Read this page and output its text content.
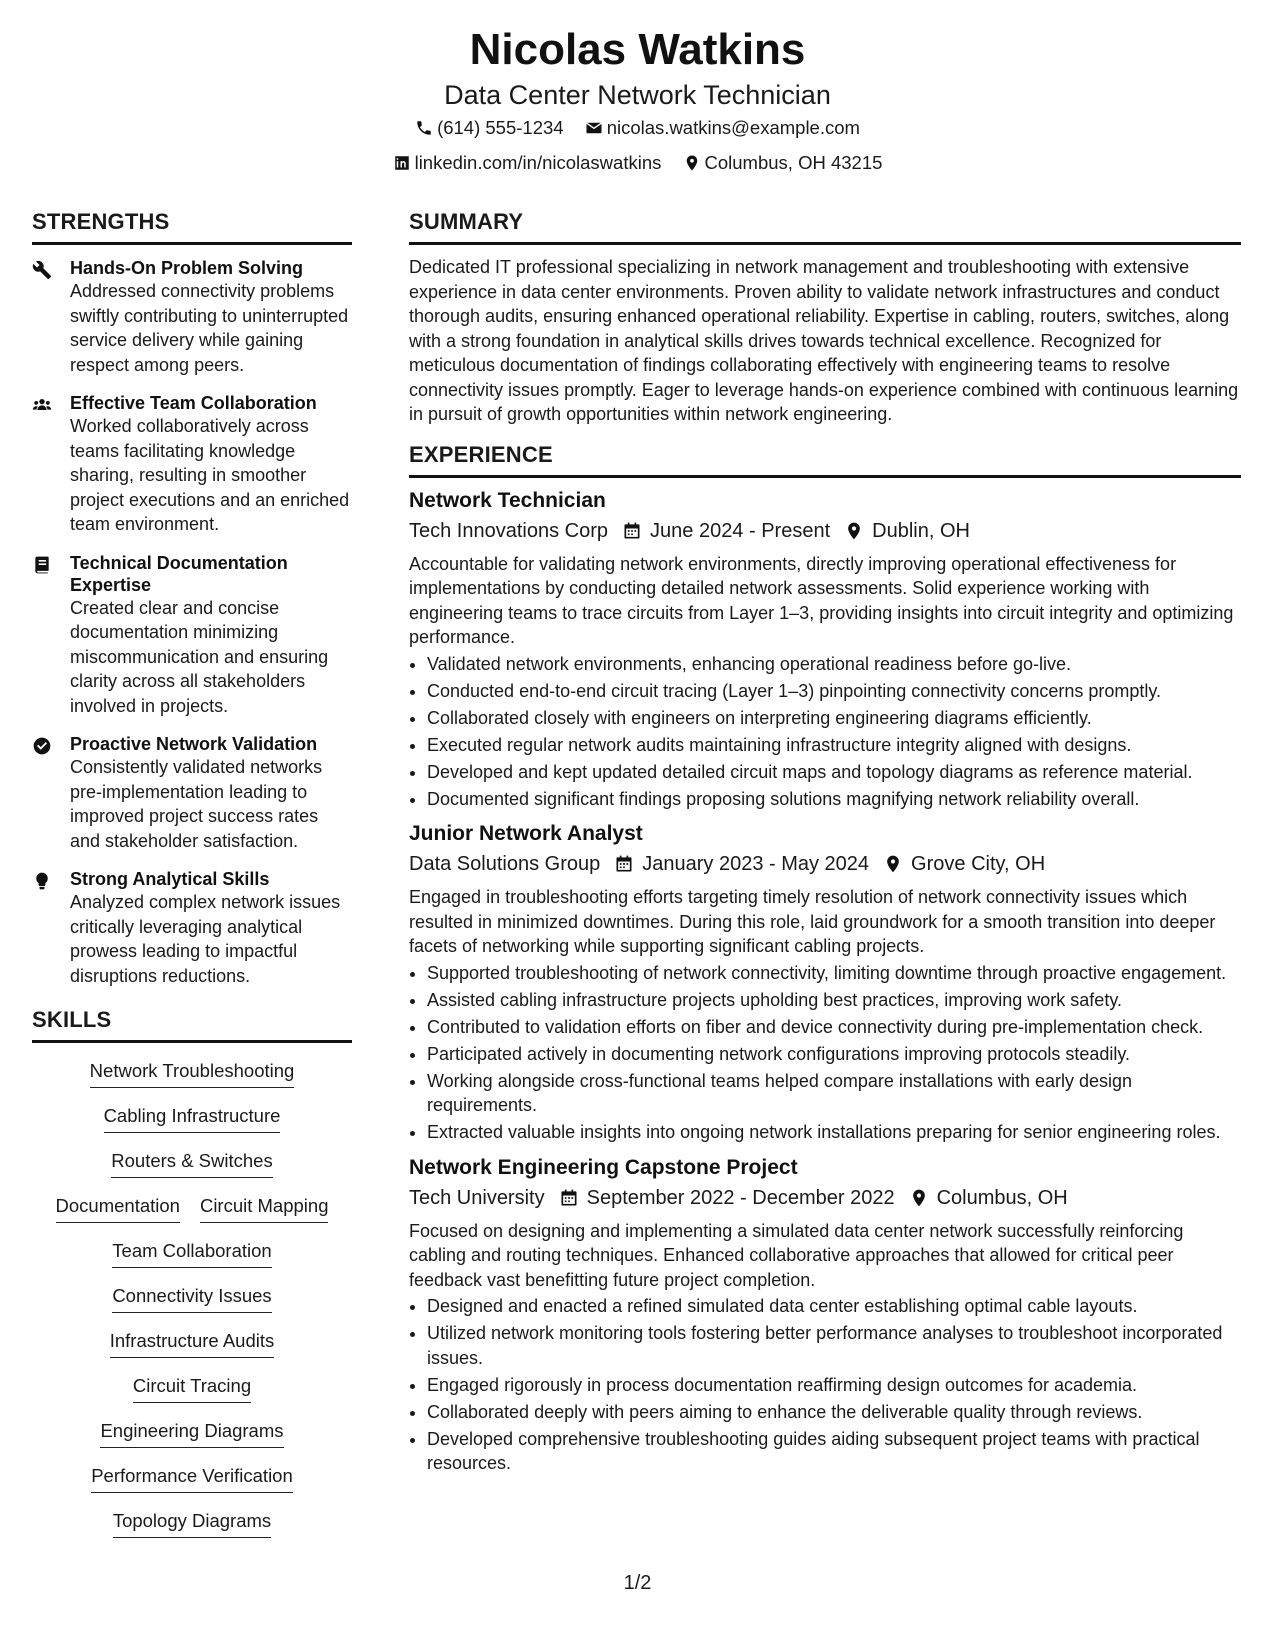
Nicolas Watkins
Data Center Network Technician
(614) 555-1234
nicolas.watkins@example.com
linkedin.com/in/nicolaswatkins
Columbus, OH 43215
STRENGTHS
Hands-On Problem Solving
Addressed connectivity problems swiftly contributing to uninterrupted service delivery while gaining respect among peers.
Effective Team Collaboration
Worked collaboratively across teams facilitating knowledge sharing, resulting in smoother project executions and an enriched team environment.
Technical Documentation Expertise
Created clear and concise documentation minimizing miscommunication and ensuring clarity across all stakeholders involved in projects.
Proactive Network Validation
Consistently validated networks pre-implementation leading to improved project success rates and stakeholder satisfaction.
Strong Analytical Skills
Analyzed complex network issues critically leveraging analytical prowess leading to impactful disruptions reductions.
SKILLS
Network Troubleshooting
Cabling Infrastructure
Routers & Switches
Documentation Circuit Mapping
Team Collaboration
Connectivity Issues
Infrastructure Audits
Circuit Tracing
Engineering Diagrams
Performance Verification
Topology Diagrams
SUMMARY

Dedicated IT professional specializing in network management and troubleshooting with extensive experience in data center environments. Proven ability to validate network infrastructures and conduct thorough audits, ensuring enhanced operational reliability. Expertise in cabling, routers, switches, along with a strong foundation in analytical skills drives towards technical excellence. Recognized for meticulous documentation of findings collaborating effectively with engineering teams to resolve connectivity issues promptly. Eager to leverage hands-on experience combined with continuous learning in pursuit of growth opportunities within network engineering.

EXPERIENCE
Network Technician
Tech Innovations Corp June 2024 - Present Dublin, OH

Accountable for validating network environments, directly improving operational effectiveness for implementations by conducting detailed network assessments. Solid experience working with engineering teams to trace circuits from Layer 1–3, providing insights into circuit integrity and optimizing performance.

• Validated network environments, enhancing operational readiness before go-live.
• Conducted end-to-end circuit tracing (Layer 1–3) pinpointing connectivity concerns promptly.
• Collaborated closely with engineers on interpreting engineering diagrams efficiently.
• Executed regular network audits maintaining infrastructure integrity aligned with designs.
• Developed and kept updated detailed circuit maps and topology diagrams as reference material.
• Documented significant findings proposing solutions magnifying network reliability overall.
Junior Network Analyst
Data Solutions Group January 2023 - May 2024 Grove City, OH

Engaged in troubleshooting efforts targeting timely resolution of network connectivity issues which resulted in minimized downtimes. During this role, laid groundwork for a smooth transition into deeper facets of networking while supporting significant cabling projects.

• Supported troubleshooting of network connectivity, limiting downtime through proactive engagement.
• Assisted cabling infrastructure projects upholding best practices, improving work safety.
• Contributed to validation efforts on fiber and device connectivity during pre-implementation check.
• Participated actively in documenting network configurations improving protocols steadily.
• Working alongside cross-functional teams helped compare installations with early design requirements.
• Extracted valuable insights into ongoing network installations preparing for senior engineering roles.
Network Engineering Capstone Project
Tech University September 2022 - December 2022 Columbus, OH

Focused on designing and implementing a simulated data center network successfully reinforcing cabling and routing techniques. Enhanced collaborative approaches that allowed for critical peer feedback vast benefitting future project completion.

• Designed and enacted a refined simulated data center establishing optimal cable layouts.
• Utilized network monitoring tools fostering better performance analyses to troubleshoot incorporated issues.
• Engaged rigorously in process documentation reaffirming design outcomes for academia.
• Collaborated deeply with peers aiming to enhance the deliverable quality through reviews.
• Developed comprehensive troubleshooting guides aiding subsequent project teams with practical resources.
1/2
